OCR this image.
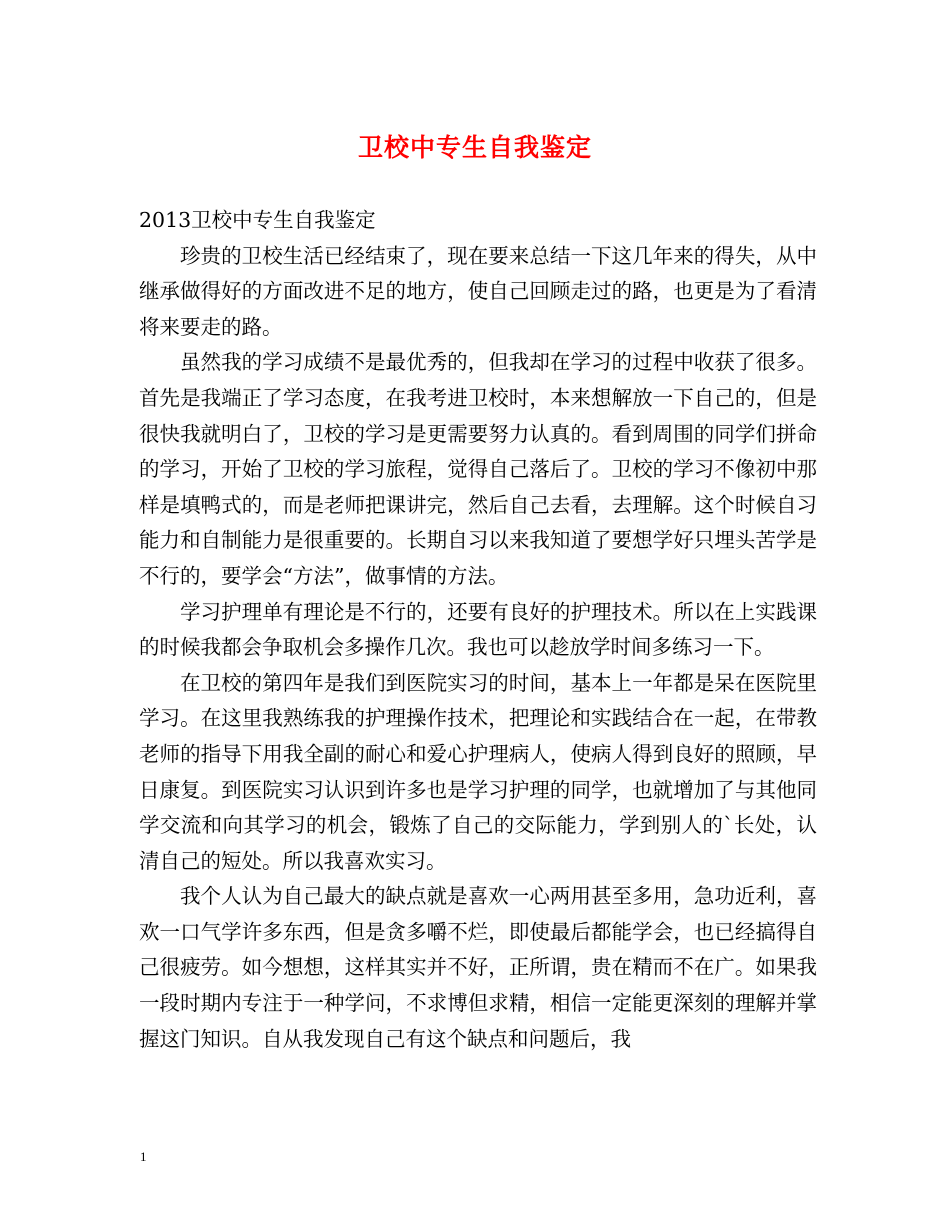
卫校中专生自我鉴定

2013卫校中专生自我鉴定

珍贵的卫校生活已经结束了，现在要来总结一下这几年来的得失，从中继承做得好的方面改进不足的地方，使自己回顾走过的路，也更是为了看清将来要走的路。

虽然我的学习成绩不是最优秀的，但我却在学习的过程中收获了很多。首先是我端正了学习态度，在我考进卫校时，本来想解放一下自己的，但是很快我就明白了，卫校的学习是更需要努力认真的。看到周围的同学们拼命的学习，开始了卫校的学习旅程，觉得自己落后了。卫校的学习不像初中那样是填鸭式的，而是老师把课讲完，然后自己去看，去理解。这个时候自习能力和自制能力是很重要的。长期自习以来我知道了要想学好只埋头苦学是不行的，要学会“方法”，做事情的方法。

学习护理单有理论是不行的，还要有良好的护理技术。所以在上实践课的时候我都会争取机会多操作几次。我也可以趁放学时间多练习一下。

在卫校的第四年是我们到医院实习的时间，基本上一年都是呆在医院里学习。在这里我熟练我的护理操作技术，把理论和实践结合在一起，在带教老师的指导下用我全副的耐心和爱心护理病人，使病人得到良好的照顾，早日康复。到医院实习认识到许多也是学习护理的同学，也就增加了与其他同学交流和向其学习的机会，锻炼了自己的交际能力，学到别人的`长处，认清自己的短处。所以我喜欢实习。

我个人认为自己最大的缺点就是喜欢一心两用甚至多用，急功近利，喜欢一口气学许多东西，但是贪多嚼不烂，即使最后都能学会，也已经搞得自己很疲劳。如今想想，这样其实并不好，正所谓，贵在精而不在广。如果我一段时期内专注于一种学问，不求博但求精，相信一定能更深刻的理解并掌握这门知识。自从我发现自己有这个缺点和问题后，我

1
